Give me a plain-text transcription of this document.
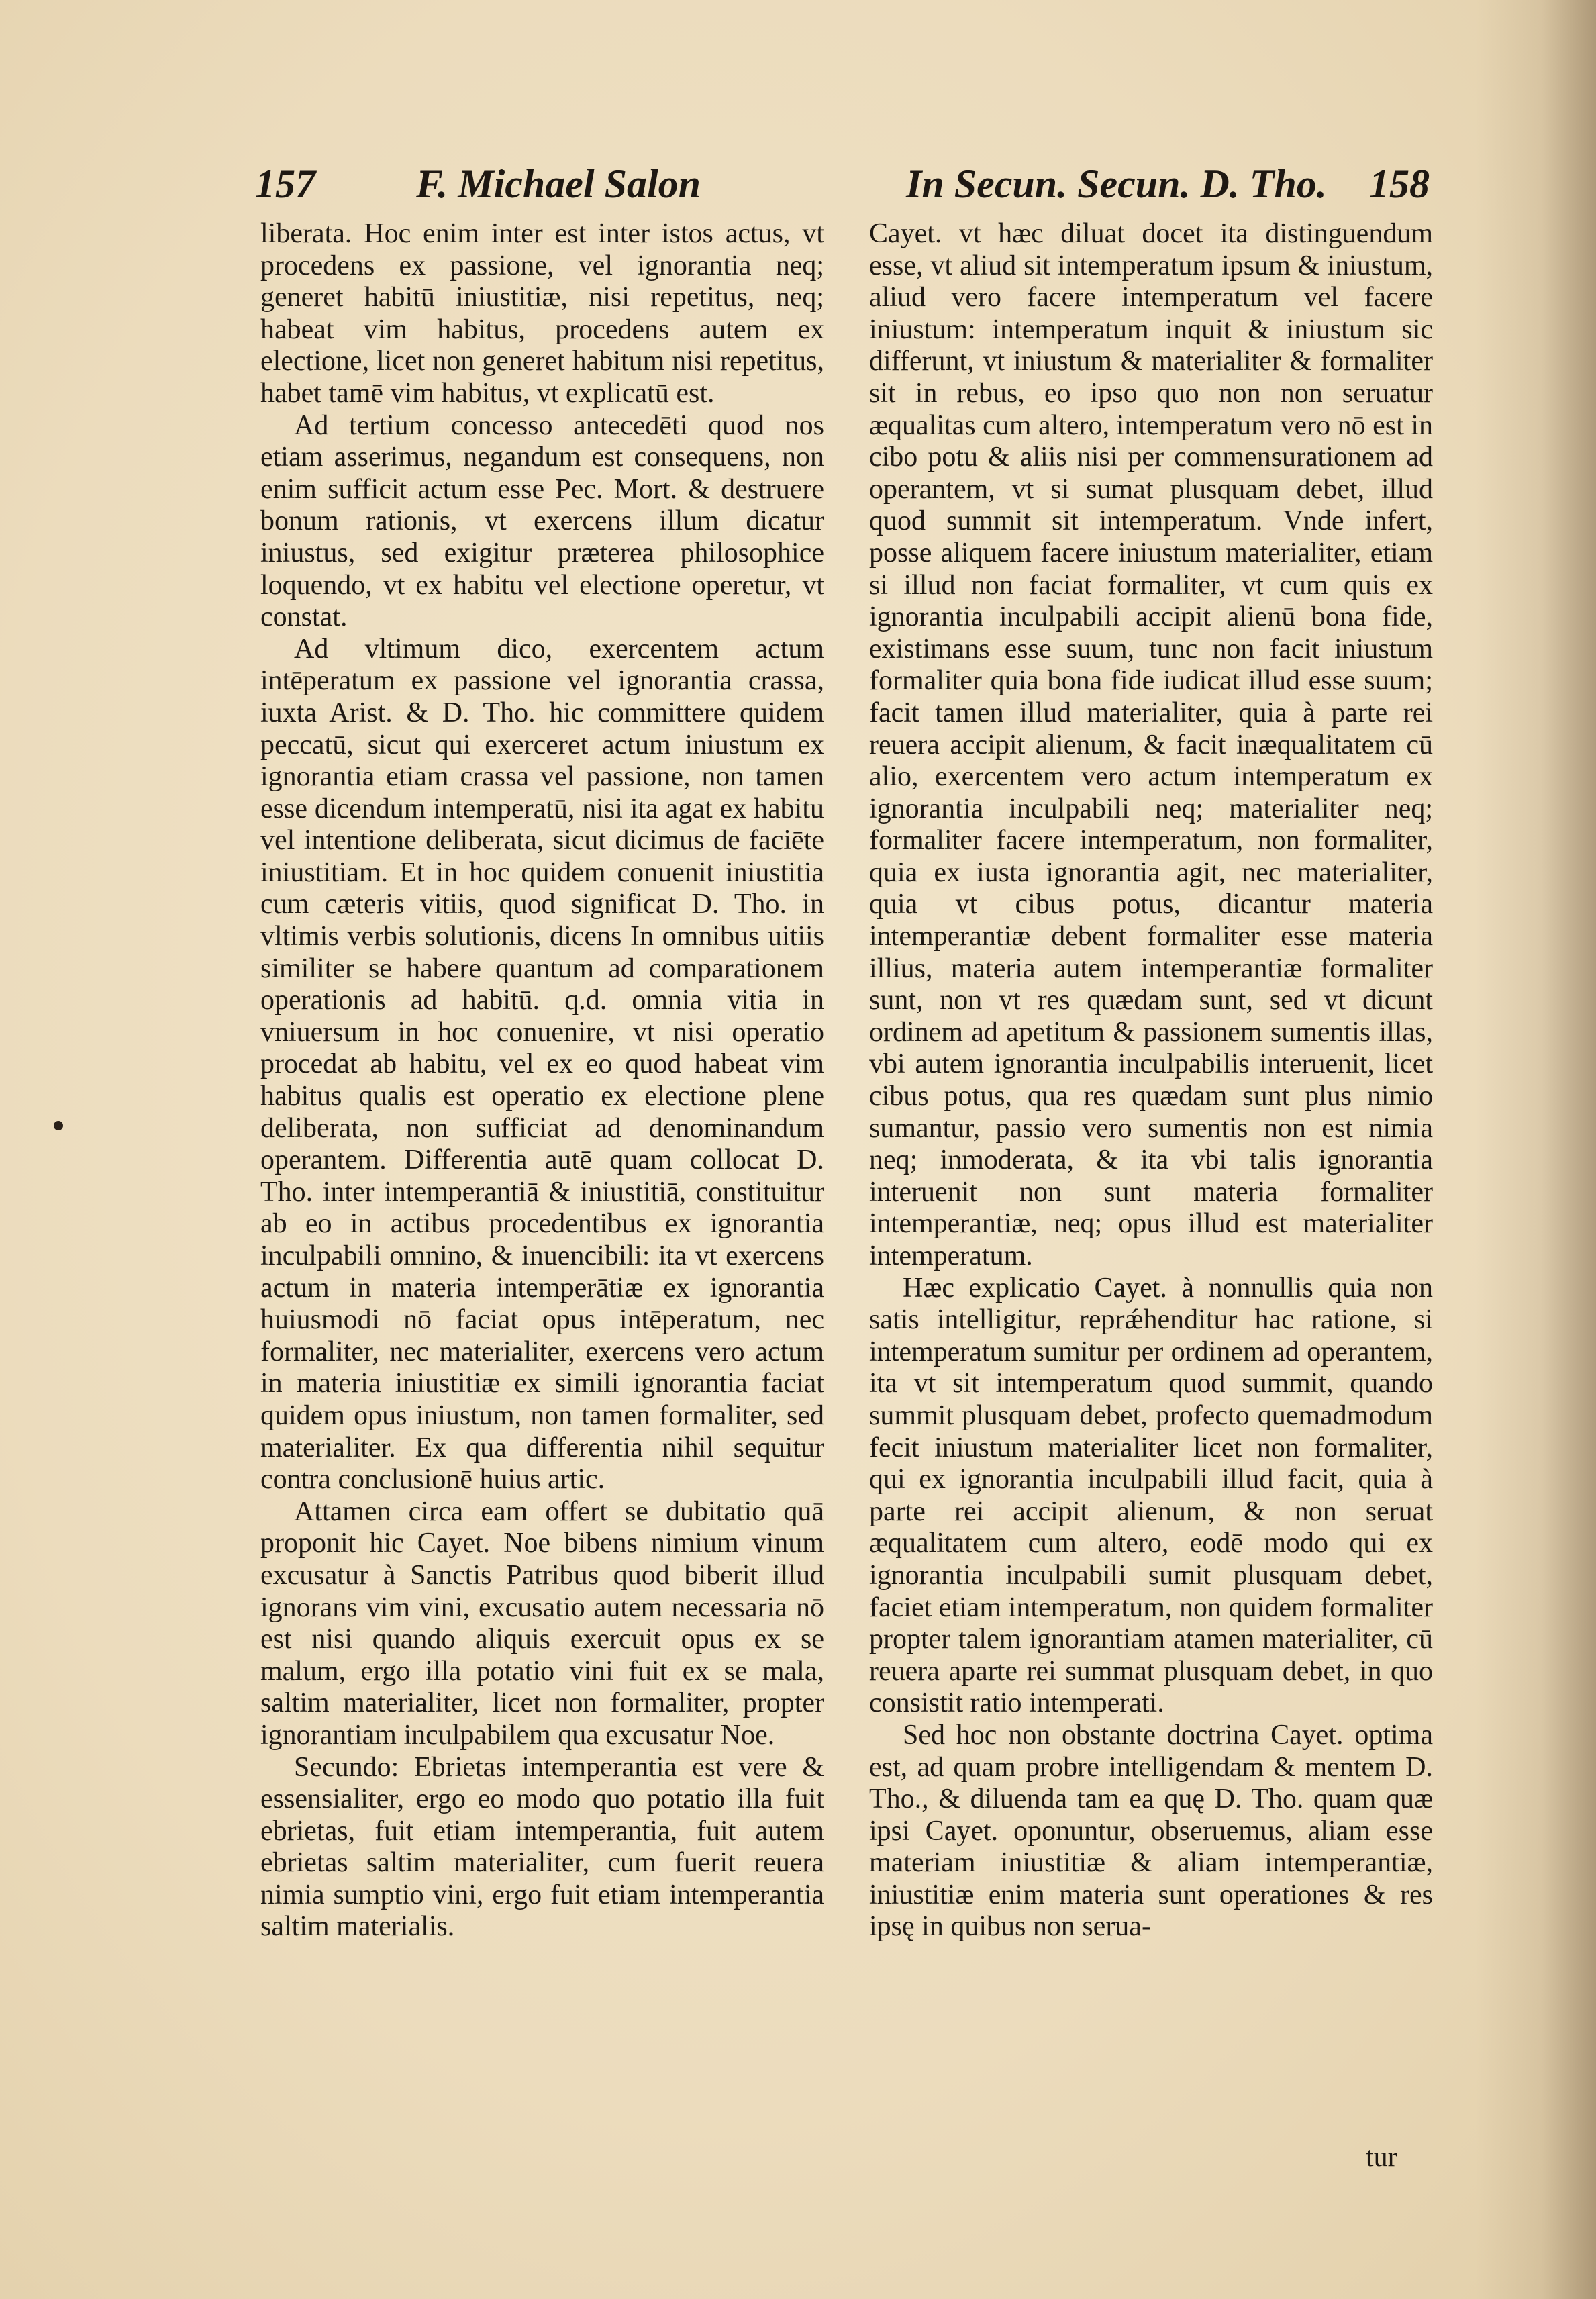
157	F. Michael Salon	In Secun. Secun. D. Tho. 158

liberata. Hoc enim inter est inter istos actus, vt procedens ex passione, vel ignorantia neq; generet habitū iniustitiæ, nisi repetitus, neq; habeat vim habitus, procedens autem ex electione, licet non generet habitum nisi repetitus, habet tamē vim habitus, vt explicatū est.

Ad tertium concesso antecedēti quod nos etiam asserimus, negandum est consequens, non enim sufficit actum esse Pec. Mort. & destruere bonum rationis, vt exercens illum dicatur iniustus, sed exigitur præterea philosophice loquendo, vt ex habitu vel electione operetur, vt constat.

Ad vltimum dico, exercentem actum intēperatum ex passione vel ignorantia crassa, iuxta Arist. & D. Tho. hic committere quidem peccatū, sicut qui exerceret actum iniustum ex ignorantia etiam crassa vel passione, non tamen esse dicendum intemperatū, nisi ita agat ex habitu vel intentione deliberata, sicut dicimus de faciēte iniustitiam. Et in hoc quidem conuenit iniustitia cum cæteris vitiis, quod significat D. Tho. in vltimis verbis solutionis, dicens In omnibus uitiis similiter se habere quantum ad comparationem operationis ad habitū. q.d. omnia vitia in vniuersum in hoc conuenire, vt nisi operatio procedat ab habitu, vel ex eo quod habeat vim habitus qualis est operatio ex electione plene deliberata, non sufficiat ad denominandum operantem. Differentia autē quam collocat D. Tho. inter intemperantiā & iniustitiā, constituitur ab eo in actibus procedentibus ex ignorantia inculpabili omnino, & inuencibili: ita vt exercens actum in materia intemperātiæ ex ignorantia huiusmodi nō faciat opus intēperatum, nec formaliter, nec materialiter, exercens vero actum in materia iniustitiæ ex simili ignorantia faciat quidem opus iniustum, non tamen formaliter, sed materialiter. Ex qua differentia nihil sequitur contra conclusionē huius artic.

Attamen circa eam offert se dubitatio quā proponit hic Cayet. Noe bibens nimium vinum excusatur à Sanctis Patribus quod biberit illud ignorans vim vini, excusatio autem necessaria nō est nisi quando aliquis exercuit opus ex se malum, ergo illa potatio vini fuit ex se mala, saltim materialiter, licet non formaliter, propter ignorantiam inculpabilem qua excusatur Noe.

Secundo: Ebrietas intemperantia est vere & essensialiter, ergo eo modo quo potatio illa fuit ebrietas, fuit etiam intemperantia, fuit autem ebrietas saltim materialiter, cum fuerit reuera nimia sumptio vini, ergo fuit etiam intemperantia saltim materialis.

Cayet. vt hæc diluat docet ita distinguendum esse, vt aliud sit intemperatum ipsum & iniustum, aliud vero facere intemperatum vel facere iniustum: intemperatum inquit & iniustum sic differunt, vt iniustum & materialiter & formaliter sit in rebus, eo ipso quo non non seruatur æqualitas cum altero, intemperatum vero nō est in cibo potu & aliis nisi per commensurationem ad operantem, vt si sumat plusquam debet, illud quod summit sit intemperatum. Vnde infert, posse aliquem facere iniustum materialiter, etiam si illud non faciat formaliter, vt cum quis ex ignorantia inculpabili accipit alienū bona fide, existimans esse suum, tunc non facit iniustum formaliter quia bona fide iudicat illud esse suum; facit tamen illud materialiter, quia à parte rei reuera accipit alienum, & facit inæqualitatem cū alio, exercentem vero actum intemperatum ex ignorantia inculpabili neq; materialiter neq; formaliter facere intemperatum, non formaliter, quia ex iusta ignorantia agit, nec materialiter, quia vt cibus potus, dicantur materia intemperantiæ debent formaliter esse materia illius, materia autem intemperantiæ formaliter sunt, non vt res quædam sunt, sed vt dicunt ordinem ad apetitum & passionem sumentis illas, vbi autem ignorantia inculpabilis interuenit, licet cibus potus, qua res quædam sunt plus nimio sumantur, passio vero sumentis non est nimia neq; inmoderata, & ita vbi talis ignorantia interuenit non sunt materia formaliter intemperantiæ, neq; opus illud est materialiter intemperatum.

Hæc explicatio Cayet. à nonnullis quia non satis intelligitur, reprǽhenditur hac ratione, si intemperatum sumitur per ordinem ad operantem, ita vt sit intemperatum quod summit, quando summit plusquam debet, profecto quemadmodum fecit iniustum materialiter licet non formaliter, qui ex ignorantia inculpabili illud facit, quia à parte rei accipit alienum, & non seruat æqualitatem cum altero, eodē modo qui ex ignorantia inculpabili sumit plusquam debet, faciet etiam intemperatum, non quidem formaliter propter talem ignorantiam atamen materialiter, cū reuera aparte rei summat plusquam debet, in quo consistit ratio intemperati.

Sed hoc non obstante doctrina Cayet. optima est, ad quam probre intelligendam & mentem D. Tho., & diluenda tam ea quę D. Tho. quam quæ ipsi Cayet. oponuntur, obseruemus, aliam esse materiam iniustitiæ & aliam intemperantiæ, iniustitiæ enim materia sunt operationes & res ipsę in quibus non serua-

tur
